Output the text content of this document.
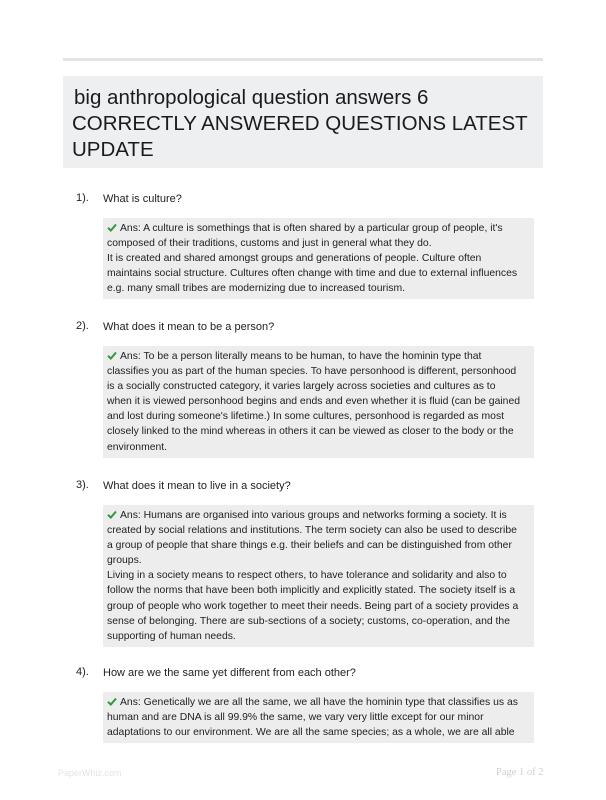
big anthropological question answers 6
CORRECTLY ANSWERED QUESTIONS LATEST
UPDATE
1). What is culture?
Ans: A culture is somethings that is often shared by a particular group of people, it's
composed of their traditions, customs and just in general what they do.
It is created and shared amongst groups and generations of people. Culture often
maintains social structure. Cultures often change with time and due to external influences
e.g. many small tribes are modernizing due to increased tourism.
2). What does it mean to be a person?
Ans: To be a person literally means to be human, to have the hominin type that
classifies you as part of the human species. To have personhood is different, personhood
is a socially constructed category, it varies largely across societies and cultures as to
when it is viewed personhood begins and ends and even whether it is fluid (can be gained
and lost during someone's lifetime.) In some cultures, personhood is regarded as most
closely linked to the mind whereas in others it can be viewed as closer to the body or the
environment.
3). What does it mean to live in a society?
Ans: Humans are organised into various groups and networks forming a society. It is
created by social relations and institutions. The term society can also be used to describe
a group of people that share things e.g. their beliefs and can be distinguished from other
groups.
Living in a society means to respect others, to have tolerance and solidarity and also to
follow the norms that have been both implicitly and explicitly stated. The society itself is a
group of people who work together to meet their needs. Being part of a society provides a
sense of belonging. There are sub-sections of a society; customs, co-operation, and the
supporting of human needs.
4). How are we the same yet different from each other?
Ans: Genetically we are all the same, we all have the hominin type that classifies us as
human and are DNA is all 99.9% the same, we vary very little except for our minor
adaptations to our environment. We are all the same species; as a whole, we are all able
PaperWhiz.com	Page 1 of 2
